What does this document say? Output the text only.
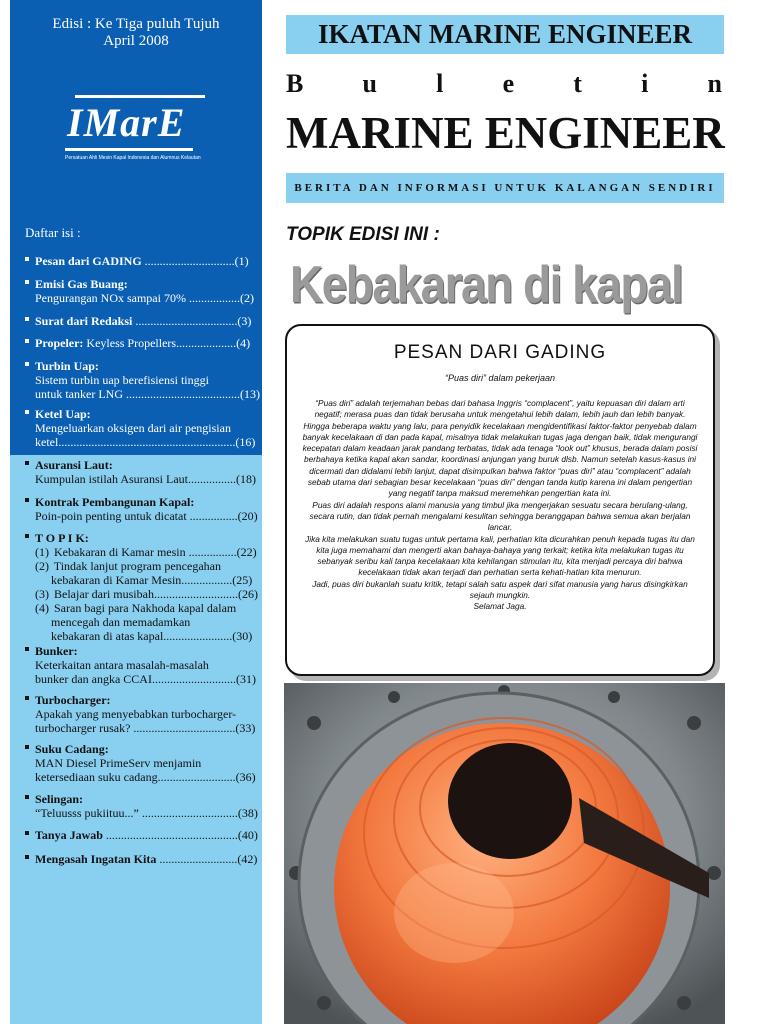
Edisi : Ke Tiga puluh Tujuh
April 2008
IMarE
Persatuan Ahli Mesin Kapal Indonesia dan Alumnus Kelautan
Daftar isi :
Pesan dari GADING ..............................(1)
Emisi Gas Buang:
Pengurangan NOx sampai 70% .................(2)
Surat dari Redaksi ..................................(3)
Propeler: Keyless Propellers....................(4)
Turbin Uap:
Sistem turbin uap berefisiensi tinggi
untuk tanker LNG ......................................(13)
Ketel Uap:
Mengeluarkan oksigen dari air pengisian
ketel...........................................................(16)
Asuransi Laut:
Kumpulan istilah Asuransi Laut................(18)
Kontrak Pembangunan Kapal:
Poin-poin penting untuk dicatat ................(20)
T O P I K:
(1) Kebakaran di Kamar mesin ................(22)
(2) Tindak lanjut program pencegahan
kebakaran di Kamar Mesin.................(25)
(3) Belajar dari musibah............................(26)
(4) Saran bagi para Nakhoda kapal dalam
mencegah dan memadamkan
kebakaran di atas kapal.......................(30)
Bunker:
Keterkaitan antara masalah-masalah
bunker dan angka CCAI............................(31)
Turbocharger:
Apakah yang menyebabkan turbocharger-
turbocharger rusak? ..................................(33)
Suku Cadang:
MAN Diesel PrimeServ menjamin
ketersediaan suku cadang..........................(36)
Selingan:
“Teluusss pukiituu...” ................................(38)
Tanya Jawab ............................................(40)
Mengasah Ingatan Kita ..........................(42)
IKATAN MARINE ENGINEER
B u l e t i n
MARINE ENGINEER
BERITA DAN INFORMASI UNTUK KALANGAN SENDIRI
TOPIK EDISI INI :
Kebakaran di kapal
PESAN DARI GADING
“Puas diri” dalam pekerjaan

“Puas diri” adalah terjemahan bebas dari bahasa Inggris “complacent”, yaitu kepuasan diri dalam arti negatif; merasa puas dan tidak berusaha untuk mengetahui lebih dalam, lebih jauh dan lebih banyak.

Hingga beberapa waktu yang lalu, para penyidik kecelakaan mengidentifikasi faktor-faktor penyebab dalam banyak kecelakaan di dan pada kapal, misalnya tidak melakukan tugas jaga dengan baik, tidak mengurangi kecepatan dalam keadaan jarak pandang terbatas, tidak ada tenaga “look out” khusus, berada dalam posisi berbahaya ketika kapal akan sandar, koordinasi anjungan yang buruk dlsb. Namun setelah kasus-kasus ini dicermati dan didalami lebih lanjut, dapat disimpulkan bahwa faktor “puas diri” atau “complacent” adalah sebab utama dari sebagian besar kecelakaan “puas diri” dengan tanda kutip karena ini dalam pengertian yang negatif tanpa maksud meremehkan pengertian kata ini.

Puas diri adalah respons alami manusia yang timbul jika mengerjakan sesuatu secara berulang-ulang, secara rutin, dan tidak pernah mengalami kesulitan sehingga beranggapan bahwa semua akan berjalan lancar.

Jika kita melakukan suatu tugas untuk pertama kali, perhatian kita dicurahkan penuh kepada tugas itu dan kita juga memahami dan mengerti akan bahaya-bahaya yang terkait; ketika kita melakukan tugas itu sebanyak seribu kali tanpa kecelakaan kita kehilangan stimulan itu, kita menjadi percaya diri bahwa kecelakaan tidak akan terjadi dan perhatian serta kehati-hatian kita menurun.

Jadi, puas diri bukanlah suatu kritik, tetapi salah satu aspek dari sifat manusia yang harus disingkirkan sejauh mungkin.

Selamat Jaga.
